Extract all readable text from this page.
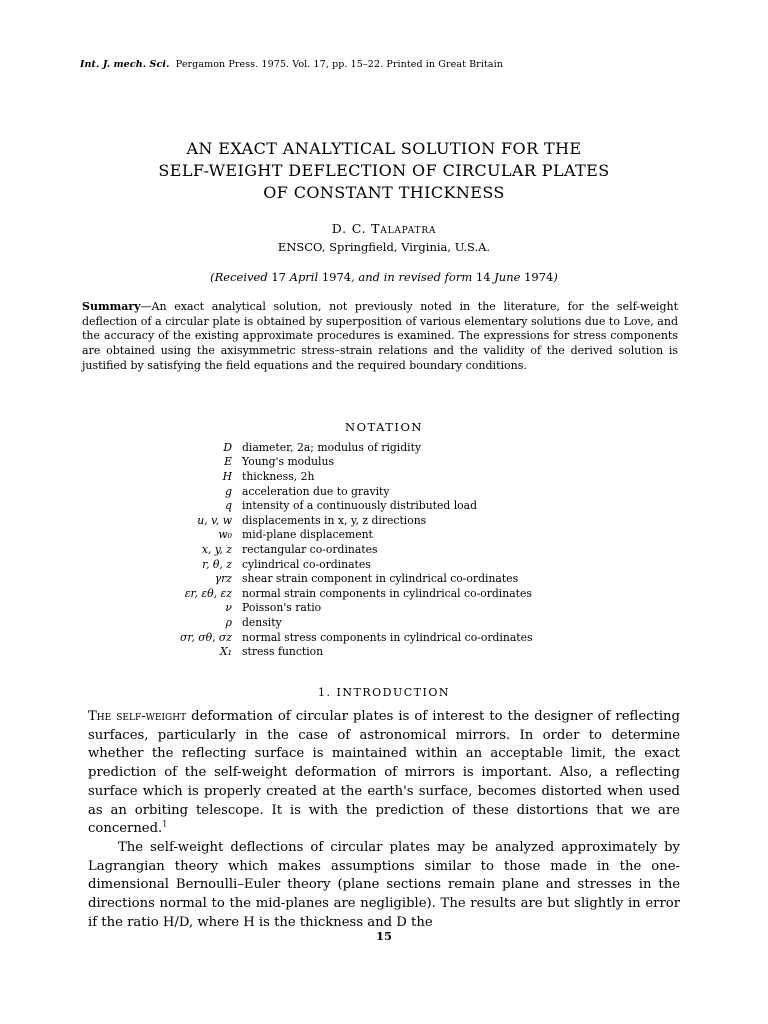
Int. J. mech. Sci. Pergamon Press. 1975. Vol. 17, pp. 15–22. Printed in Great Britain
AN EXACT ANALYTICAL SOLUTION FOR THE
SELF-WEIGHT DEFLECTION OF CIRCULAR PLATES
OF CONSTANT THICKNESS
D. C. Talapatra
ENSCO, Springfield, Virginia, U.S.A.
(Received 17 April 1974, and in revised form 14 June 1974)
Summary—An exact analytical solution, not previously noted in the literature, for the self-weight deflection of a circular plate is obtained by superposition of various elementary solutions due to Love, and the accuracy of the existing approximate procedures is examined. The expressions for stress components are obtained using the axisymmetric stress–strain relations and the validity of the derived solution is justified by satisfying the field equations and the required boundary conditions.
NOTATION
D diameter, 2a; modulus of rigidity
E Young's modulus
H thickness, 2h
g acceleration due to gravity
q intensity of a continuously distributed load
u, v, w displacements in x, y, z directions
w₀ mid-plane displacement
x, y, z rectangular co-ordinates
r, θ, z cylindrical co-ordinates
γrz shear strain component in cylindrical co-ordinates
εr, εθ, εz normal strain components in cylindrical co-ordinates
ν Poisson's ratio
ρ density
σr, σθ, σz normal stress components in cylindrical co-ordinates
X₁ stress function
1. INTRODUCTION

The self-weight deformation of circular plates is of interest to the designer of reflecting surfaces, particularly in the case of astronomical mirrors. In order to determine whether the reflecting surface is maintained within an acceptable limit, the exact prediction of the self-weight deformation of mirrors is important. Also, a reflecting surface which is properly created at the earth's surface, becomes distorted when used as an orbiting telescope. It is with the prediction of these distortions that we are concerned.$^1$

The self-weight deflections of circular plates may be analyzed approximately by Lagrangian theory which makes assumptions similar to those made in the one-dimensional Bernoulli–Euler theory (plane sections remain plane and stresses in the directions normal to the mid-planes are negligible). The results are but slightly in error if the ratio H/D, where H is the thickness and D the

15
